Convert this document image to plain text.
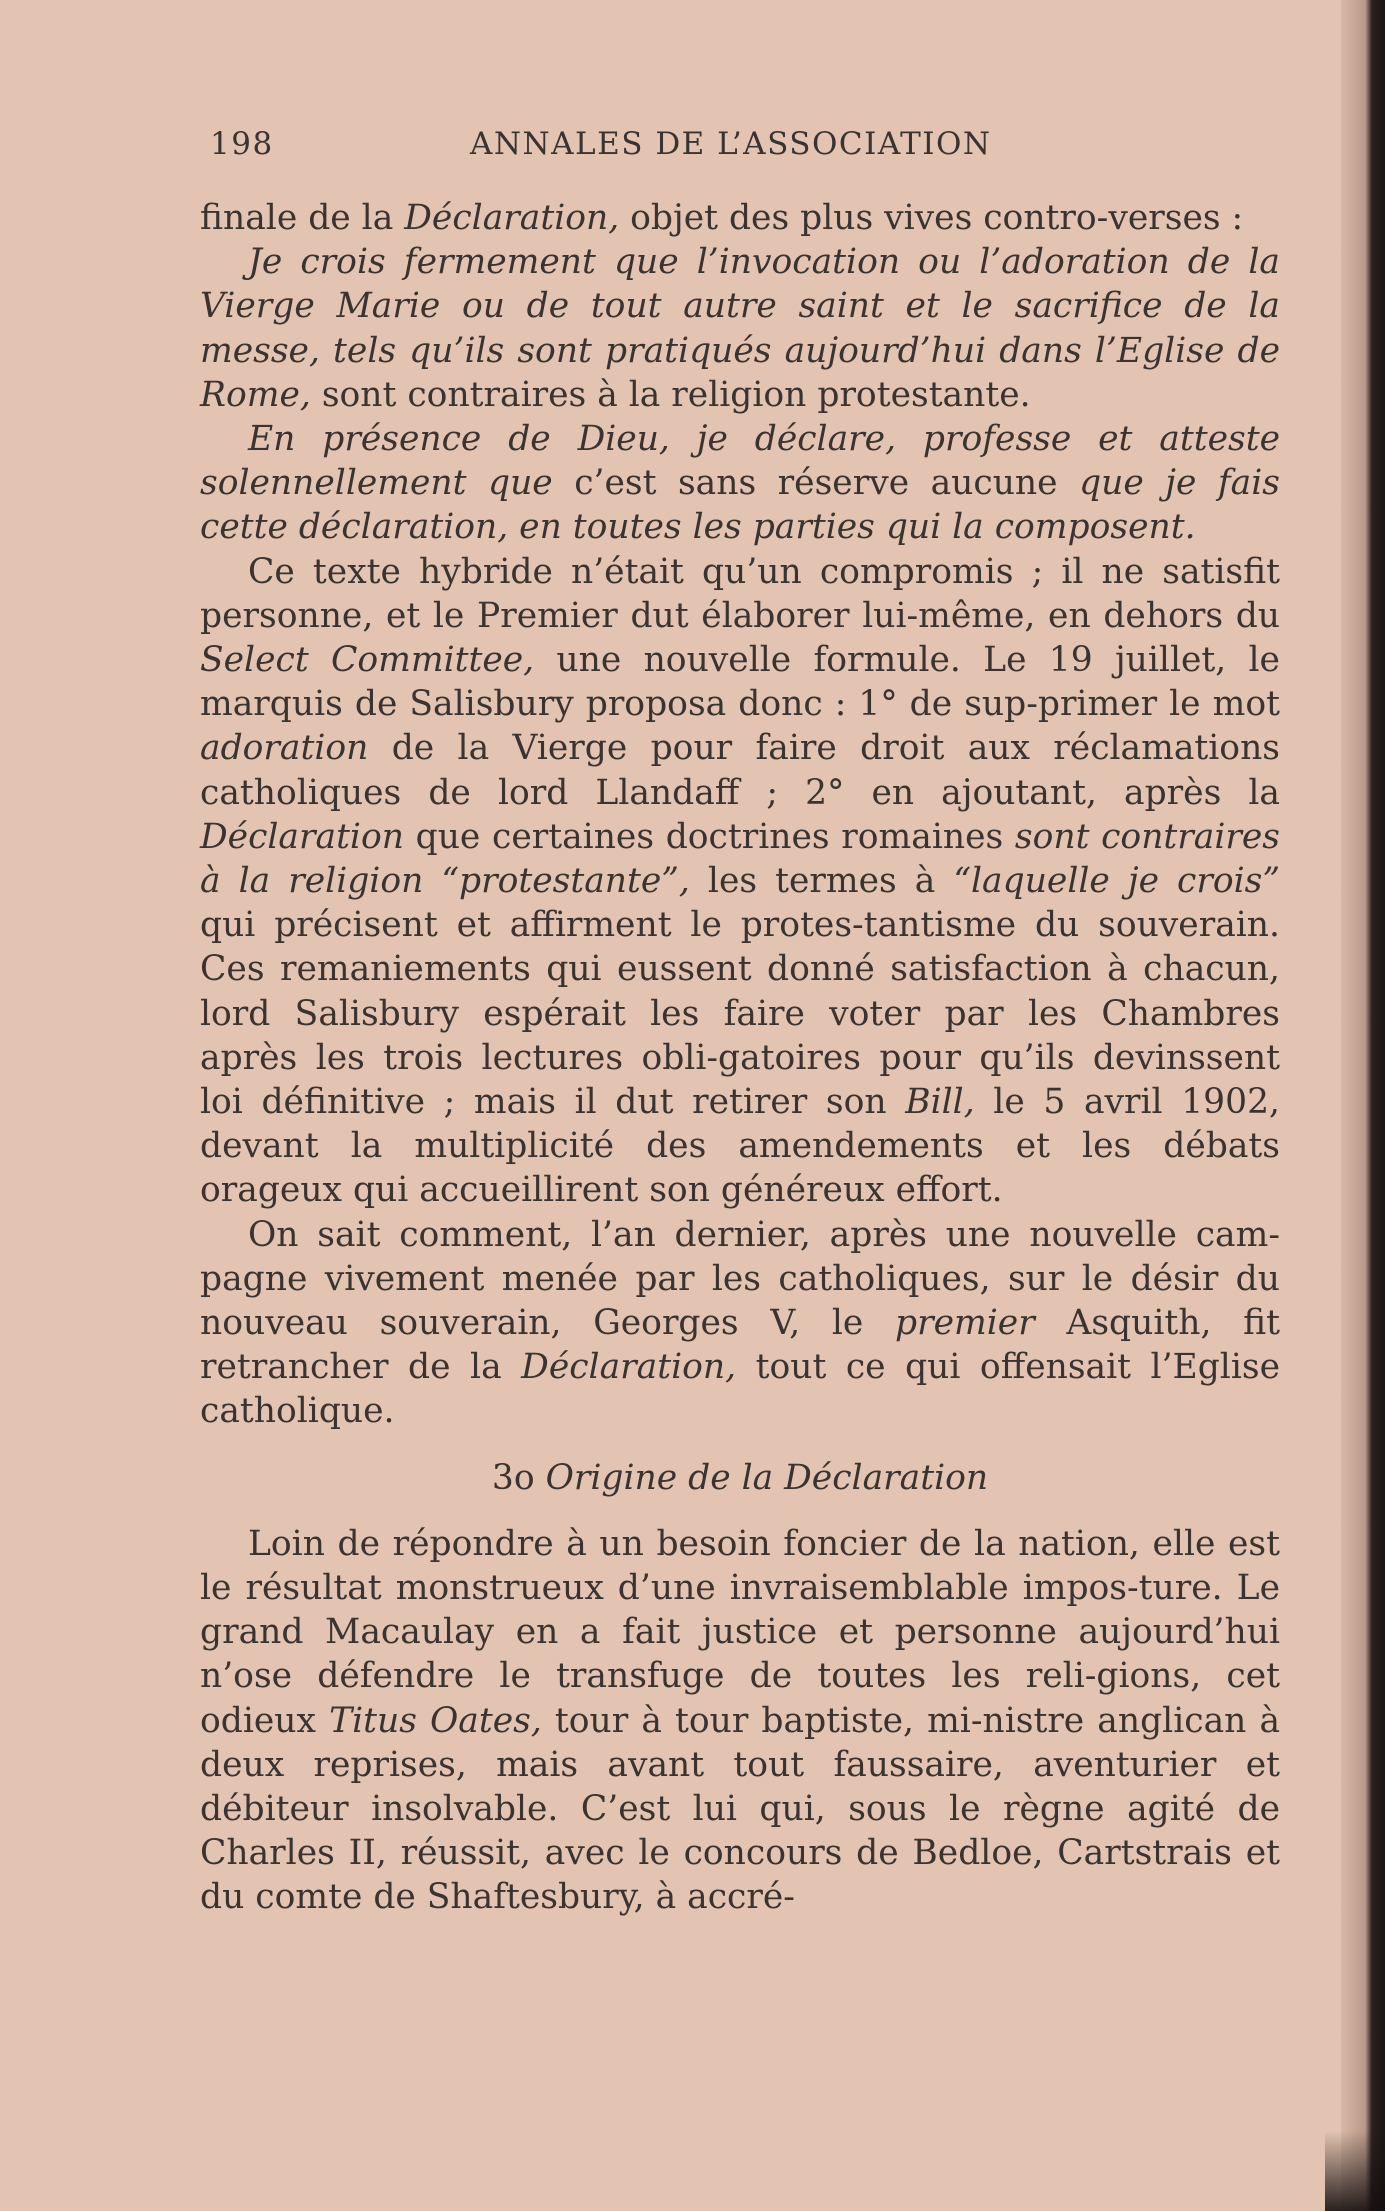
198	ANNALES DE L’ASSOCIATION

finale de la Déclaration, objet des plus vives contro-verses :

Je crois fermement que l’invocation ou l’adoration de la Vierge Marie ou de tout autre saint et le sacrifice de la messe, tels qu’ils sont pratiqués aujourd’hui dans l’Eglise de Rome, sont contraires à la religion protestante.

En présence de Dieu, je déclare, professe et atteste solennellement que c’est sans réserve aucune que je fais cette déclaration, en toutes les parties qui la composent.

Ce texte hybride n’était qu’un compromis ; il ne satisfit personne, et le Premier dut élaborer lui-même, en dehors du Select Committee, une nouvelle formule. Le 19 juillet, le marquis de Salisbury proposa donc : 1° de sup-primer le mot adoration de la Vierge pour faire droit aux réclamations catholiques de lord Llandaff ; 2° en ajoutant, après la Déclaration que certaines doctrines romaines sont contraires à la religion “protestante”, les termes à “laquelle je crois” qui précisent et affirment le protes-tantisme du souverain. Ces remaniements qui eussent donné satisfaction à chacun, lord Salisbury espérait les faire voter par les Chambres après les trois lectures obli-gatoires pour qu’ils devinssent loi définitive ; mais il dut retirer son Bill, le 5 avril 1902, devant la multiplicité des amendements et les débats orageux qui accueillirent son généreux effort.

On sait comment, l’an dernier, après une nouvelle cam-pagne vivement menée par les catholiques, sur le désir du nouveau souverain, Georges V, le premier Asquith, fit retrancher de la Déclaration, tout ce qui offensait l’Eglise catholique.

3o Origine de la Déclaration

Loin de répondre à un besoin foncier de la nation, elle est le résultat monstrueux d’une invraisemblable impos-ture. Le grand Macaulay en a fait justice et personne aujourd’hui n’ose défendre le transfuge de toutes les reli-gions, cet odieux Titus Oates, tour à tour baptiste, mi-nistre anglican à deux reprises, mais avant tout faussaire, aventurier et débiteur insolvable. C’est lui qui, sous le règne agité de Charles II, réussit, avec le concours de Bedloe, Cartstrais et du comte de Shaftesbury, à accré-
